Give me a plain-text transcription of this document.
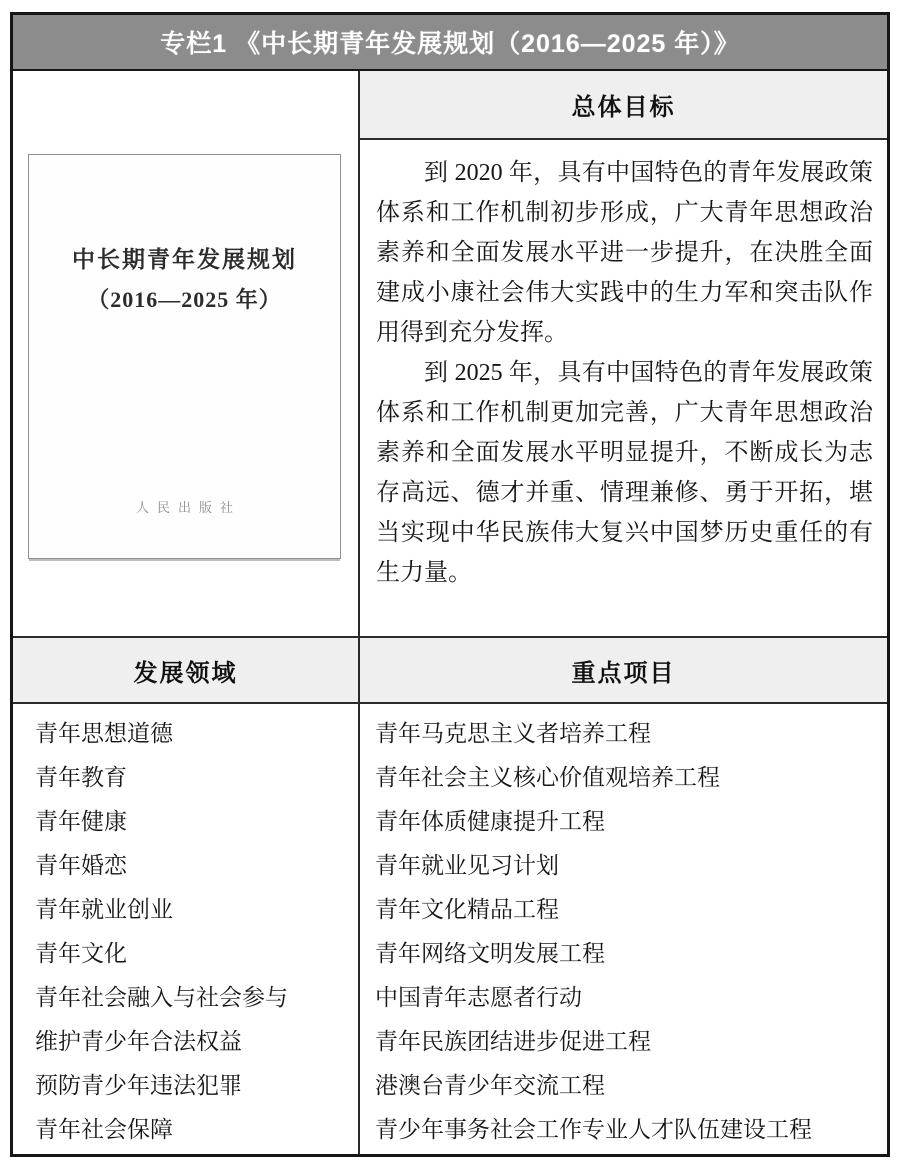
专栏1 《中长期青年发展规划（2016—2025 年）》
中长期青年发展规划
（2016—2025 年）
人民出版社
总体目标

到 2020 年，具有中国特色的青年发展政策体系和工作机制初步形成，广大青年思想政治素养和全面发展水平进一步提升，在决胜全面建成小康社会伟大实践中的生力军和突击队作用得到充分发挥。

到 2025 年，具有中国特色的青年发展政策体系和工作机制更加完善，广大青年思想政治素养和全面发展水平明显提升，不断成长为志存高远、德才并重、情理兼修、勇于开拓，堪当实现中华民族伟大复兴中国梦历史重任的有生力量。

发展领域	重点项目
青年思想道德
青年教育
青年健康
青年婚恋
青年就业创业
青年文化
青年社会融入与社会参与
维护青少年合法权益
预防青少年违法犯罪
青年社会保障
青年马克思主义者培养工程
青年社会主义核心价值观培养工程
青年体质健康提升工程
青年就业见习计划
青年文化精品工程
青年网络文明发展工程
中国青年志愿者行动
青年民族团结进步促进工程
港澳台青少年交流工程
青少年事务社会工作专业人才队伍建设工程
